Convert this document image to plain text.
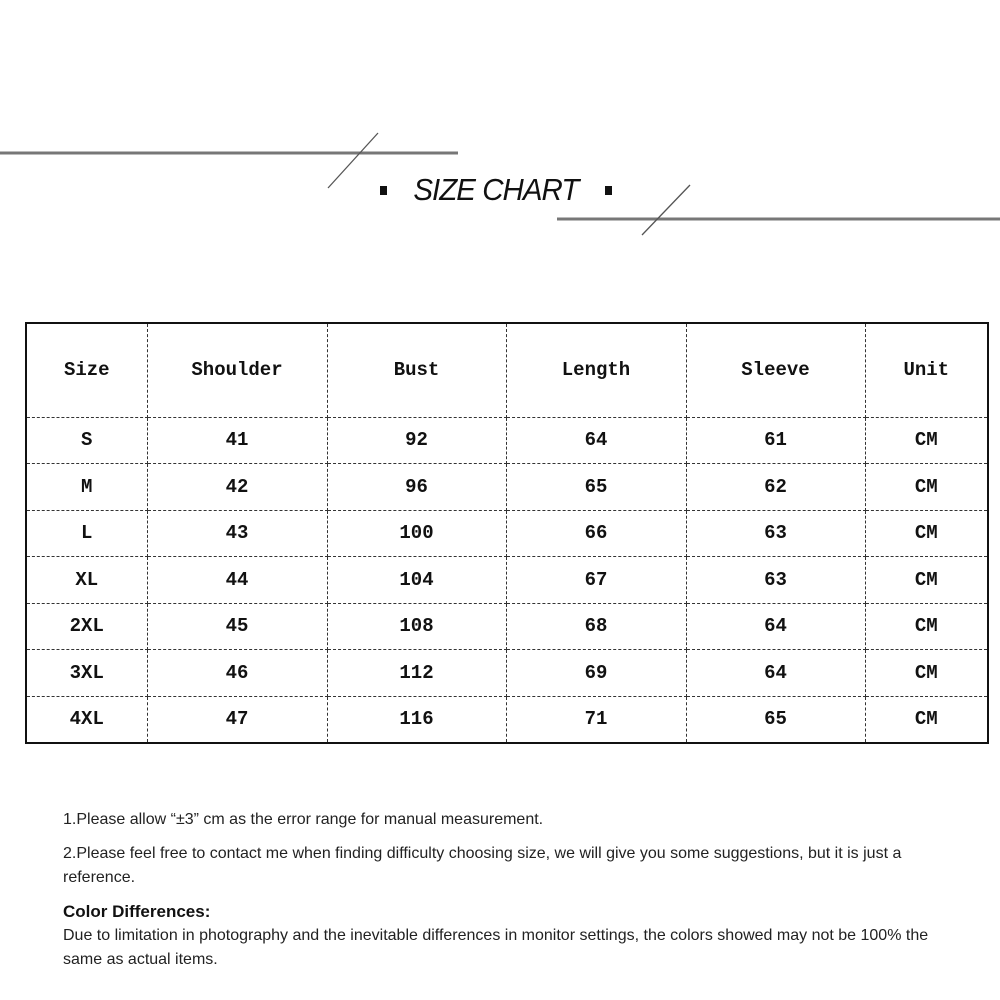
SIZE CHART
Size	Shoulder	Bust	Length	Sleeve	Unit
S	41	92	64	61	CM
M	42	96	65	62	CM
L	43	100	66	63	CM
XL	44	104	67	63	CM
2XL	45	108	68	64	CM
3XL	46	112	69	64	CM
4XL	47	116	71	65	CM

1.Please allow “±3” cm as the error range for manual measurement.

2.Please feel free to contact me when finding difficulty choosing size, we will give you some suggestions, but it is just a reference.

Color Differences:

Due to limitation in photography and the inevitable differences in monitor settings, the colors showed may not be 100% the same as actual items.
